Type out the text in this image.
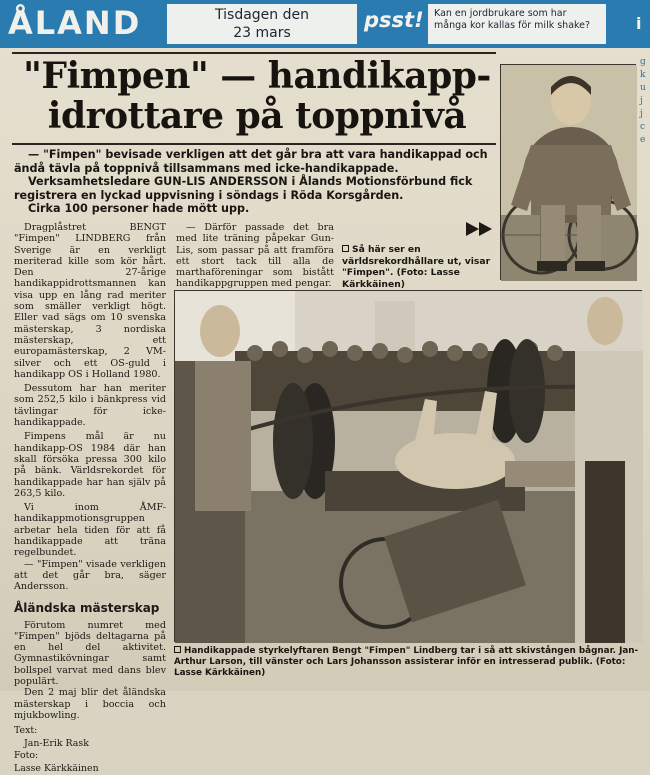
ÅLAND	Tisdagen den
23 mars
psst!	Kan en jordbrukare som har många kor kallas för milk shake?	i
"Fimpen" — handikapp-
idrottare på toppnivå

— "Fimpen" bevisade verkligen att det går bra att vara handikappad och ändå tävla på toppnivå tillsammans med icke-handikappade.

Verksamhetsledare GUN-LIS ANDERSSON i Ålands Motionsförbund fick registrera en lyckad uppvisning i söndags i Röda Korsgården.

Cirka 100 personer hade mött upp.

Dragplåstret BENGT "Fimpen" LINDBERG från Sverige är en verkligt meriterad kille som kör hårt. Den 27-årige handikappidrottsmannen kan visa upp en lång rad meriter som smäller verkligt högt. Eller vad sägs om 10 svenska mästerskap, 3 nordiska mästerskap, ett europamästerskap, 2 VM-silver och ett OS-guld i handikapp OS i Holland 1980.

Dessutom har han meriter som 252,5 kilo i bänkpress vid tävlingar för icke-handikappade.

Fimpens mål är nu handikapp-OS 1984 där han skall försöka pressa 300 kilo på bänk. Världsrekordet för handikappade har han själv på 263,5 kilo.

Vi inom ÅMF-handikappmotionsgruppen arbetar hela tiden för att få handikappade att träna regelbundet.

— "Fimpen" visade verkligen att det går bra, säger Andersson.

Åländska mästerskap

Förutom numret med "Fimpen" bjöds deltagarna på en hel del aktivitet. Gymnastikövningar samt bollspel varvat med dans blev populärt.

Den 2 maj blir det åländska mästerskap i boccia och mjukbowling.

Text:
Jan-Erik Rask
Foto:
Lasse Kärkkäinen

— Därför passade det bra med lite träning påpekar Gun-Lis, som passar på att framföra ett stort tack till alla de marthaföreningar som bistått handikappgruppen med pengar.

Så här ser en världsrekordhållare ut, visar "Fimpen". (Foto: Lasse Kärkkäinen)
g
k
u
j
j
c
e
Handikappade styrkelyftaren Bengt "Fimpen" Lindberg tar i så att skivstången bågnar. Jan-Arthur Larson, till vänster och Lars Johansson assisterar inför en intresserad publik. (Foto: Lasse Kärkkäinen)
